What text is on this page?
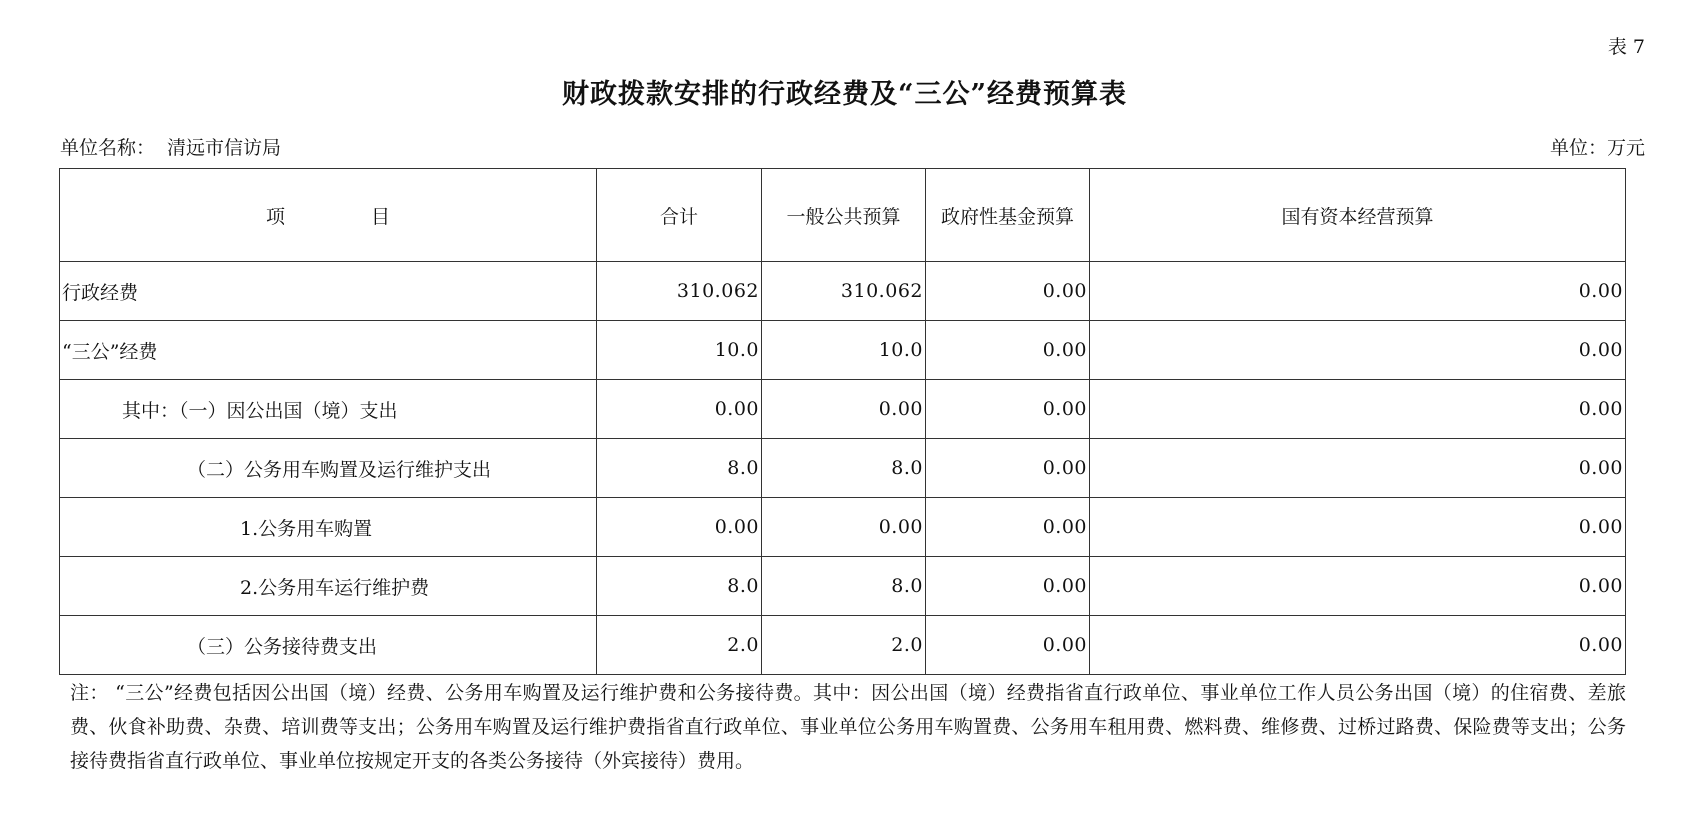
表 7
财政拨款安排的行政经费及“三公”经费预算表
单位名称： 清远市信访局	单位：万元
项 目	合计	一般公共预算	政府性基金预算	国有资本经营预算
行政经费	310.062	310.062	0.00	0.00
“三公”经费	10.0	10.0	0.00	0.00
其中：（一）因公出国（境）支出	0.00	0.00	0.00	0.00
（二）公务用车购置及运行维护支出	8.0	8.0	0.00	0.00
1.公务用车购置	0.00	0.00	0.00	0.00
2.公务用车运行维护费	8.0	8.0	0.00	0.00
（三）公务接待费支出	2.0	2.0	0.00	0.00
注： “三公”经费包括因公出国（境）经费、公务用车购置及运行维护费和公务接待费。其中：因公出国（境）经费指省直行政单位、事业单位工作人员公务出国（境）的住宿费、差旅费、伙食补助费、杂费、培训费等支出；公务用车购置及运行维护费指省直行政单位、事业单位公务用车购置费、公务用车租用费、燃料费、维修费、过桥过路费、保险费等支出；公务接待费指省直行政单位、事业单位按规定开支的各类公务接待（外宾接待）费用。
